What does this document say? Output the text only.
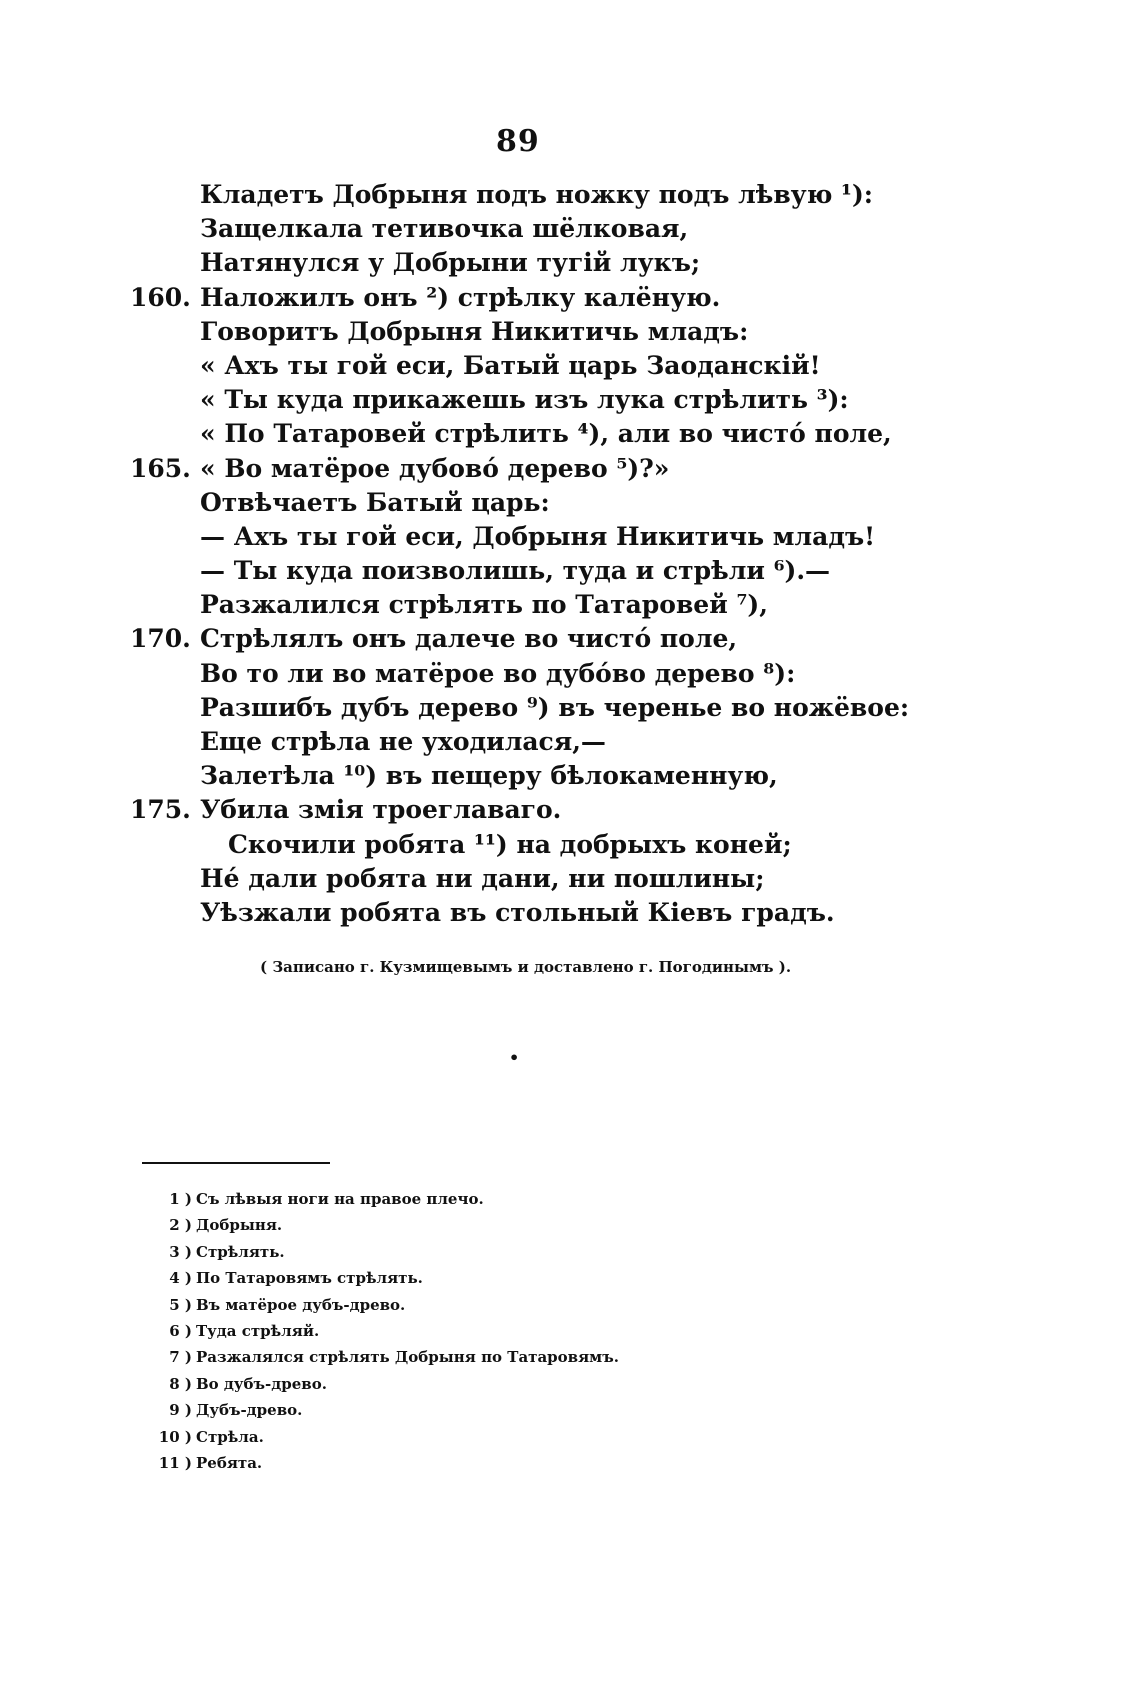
89
Кладетъ Добрыня подъ ножку подъ лѣвую ¹):
Защелкала тетивочка шёлковая,
Натянулся у Добрыни тугій лукъ;
160. Наложилъ онъ ²) стрѣлку калёную.
Говоритъ Добрыня Никитичь младъ:
« Ахъ ты гой еси, Батый царь Заоданскій!
« Ты куда прикажешь изъ лука стрѣлить ³):
« По Татаровей стрѣлить ⁴), али во чистó поле,
165. « Во матёрое дубовó дерево ⁵)?»
Отвѣчаетъ Батый царь:
— Ахъ ты гой еси, Добрыня Никитичь младъ!
— Ты куда поизволишь, туда и стрѣли ⁶).—
Разжалился стрѣлять по Татаровей ⁷),
170. Стрѣлялъ онъ далече во чистó поле,
Во то ли во матёрое во дубóво дерево ⁸):
Разшибъ дубъ дерево ⁹) въ черенье во ножёвое:
Еще стрѣла не уходилася,—
Залетѣла ¹⁰) въ пещеру бѣлокаменную,
175. Убила змія троеглаваго.
Скочили робята ¹¹) на добрыхъ коней;
Нé дали робята ни дани, ни пошлины;
Уѣзжали робята въ стольный Кіевъ градъ.
( Записано г. Кузмищевымъ и доставлено г. Погодинымъ ).
•
1 ) Съ лѣвыя ноги на правое плечо.
2 ) Добрыня.
3 ) Стрѣлять.
4 ) По Татаровямъ стрѣлять.
5 ) Въ матёрое дубъ-древо.
6 ) Туда стрѣляй.
7 ) Разжалялся стрѣлять Добрыня по Татаровямъ.
8 ) Во дубъ-древо.
9 ) Дубъ-древо.
10 ) Стрѣла.
11 ) Ребята.
